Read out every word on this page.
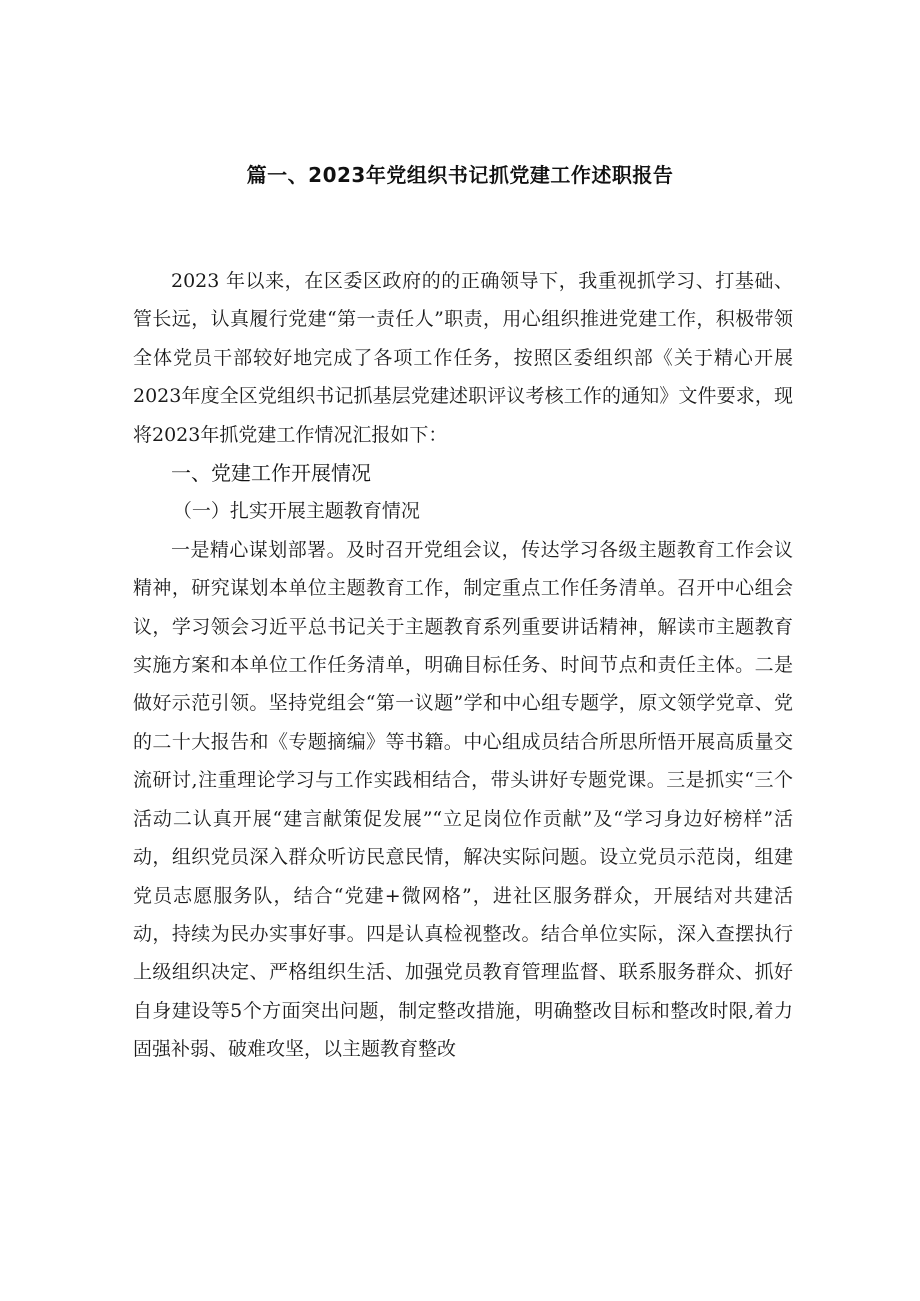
篇一、2023年党组织书记抓党建工作述职报告

2023 年以来，在区委区政府的的正确领导下，我重视抓学习、打基础、管长远，认真履行党建“第一责任人”职责，用心组织推进党建工作，积极带领全体党员干部较好地完成了各项工作任务，按照区委组织部《关于精心开展2023年度全区党组织书记抓基层党建述职评议考核工作的通知》文件要求，现将2023年抓党建工作情况汇报如下：

一、党建工作开展情况

（一）扎实开展主题教育情况

一是精心谋划部署。及时召开党组会议，传达学习各级主题教育工作会议精神，研究谋划本单位主题教育工作，制定重点工作任务清单。召开中心组会议，学习领会习近平总书记关于主题教育系列重要讲话精神，解读市主题教育实施方案和本单位工作任务清单，明确目标任务、时间节点和责任主体。二是做好示范引领。坚持党组会“第一议题”学和中心组专题学，原文领学党章、党的二十大报告和《专题摘编》等书籍。中心组成员结合所思所悟开展高质量交流研讨,注重理论学习与工作实践相结合，带头讲好专题党课。三是抓实“三个活动二认真开展“建言献策促发展”“立足岗位作贡献”及“学习身边好榜样”活动，组织党员深入群众听访民意民情，解决实际问题。设立党员示范岗，组建党员志愿服务队，结合“党建+微网格”，进社区服务群众，开展结对共建活动，持续为民办实事好事。四是认真检视整改。结合单位实际，深入查摆执行上级组织决定、严格组织生活、加强党员教育管理监督、联系服务群众、抓好自身建设等5个方面突出问题，制定整改措施，明确整改目标和整改时限,着力固强补弱、破难攻坚，以主题教育整改
